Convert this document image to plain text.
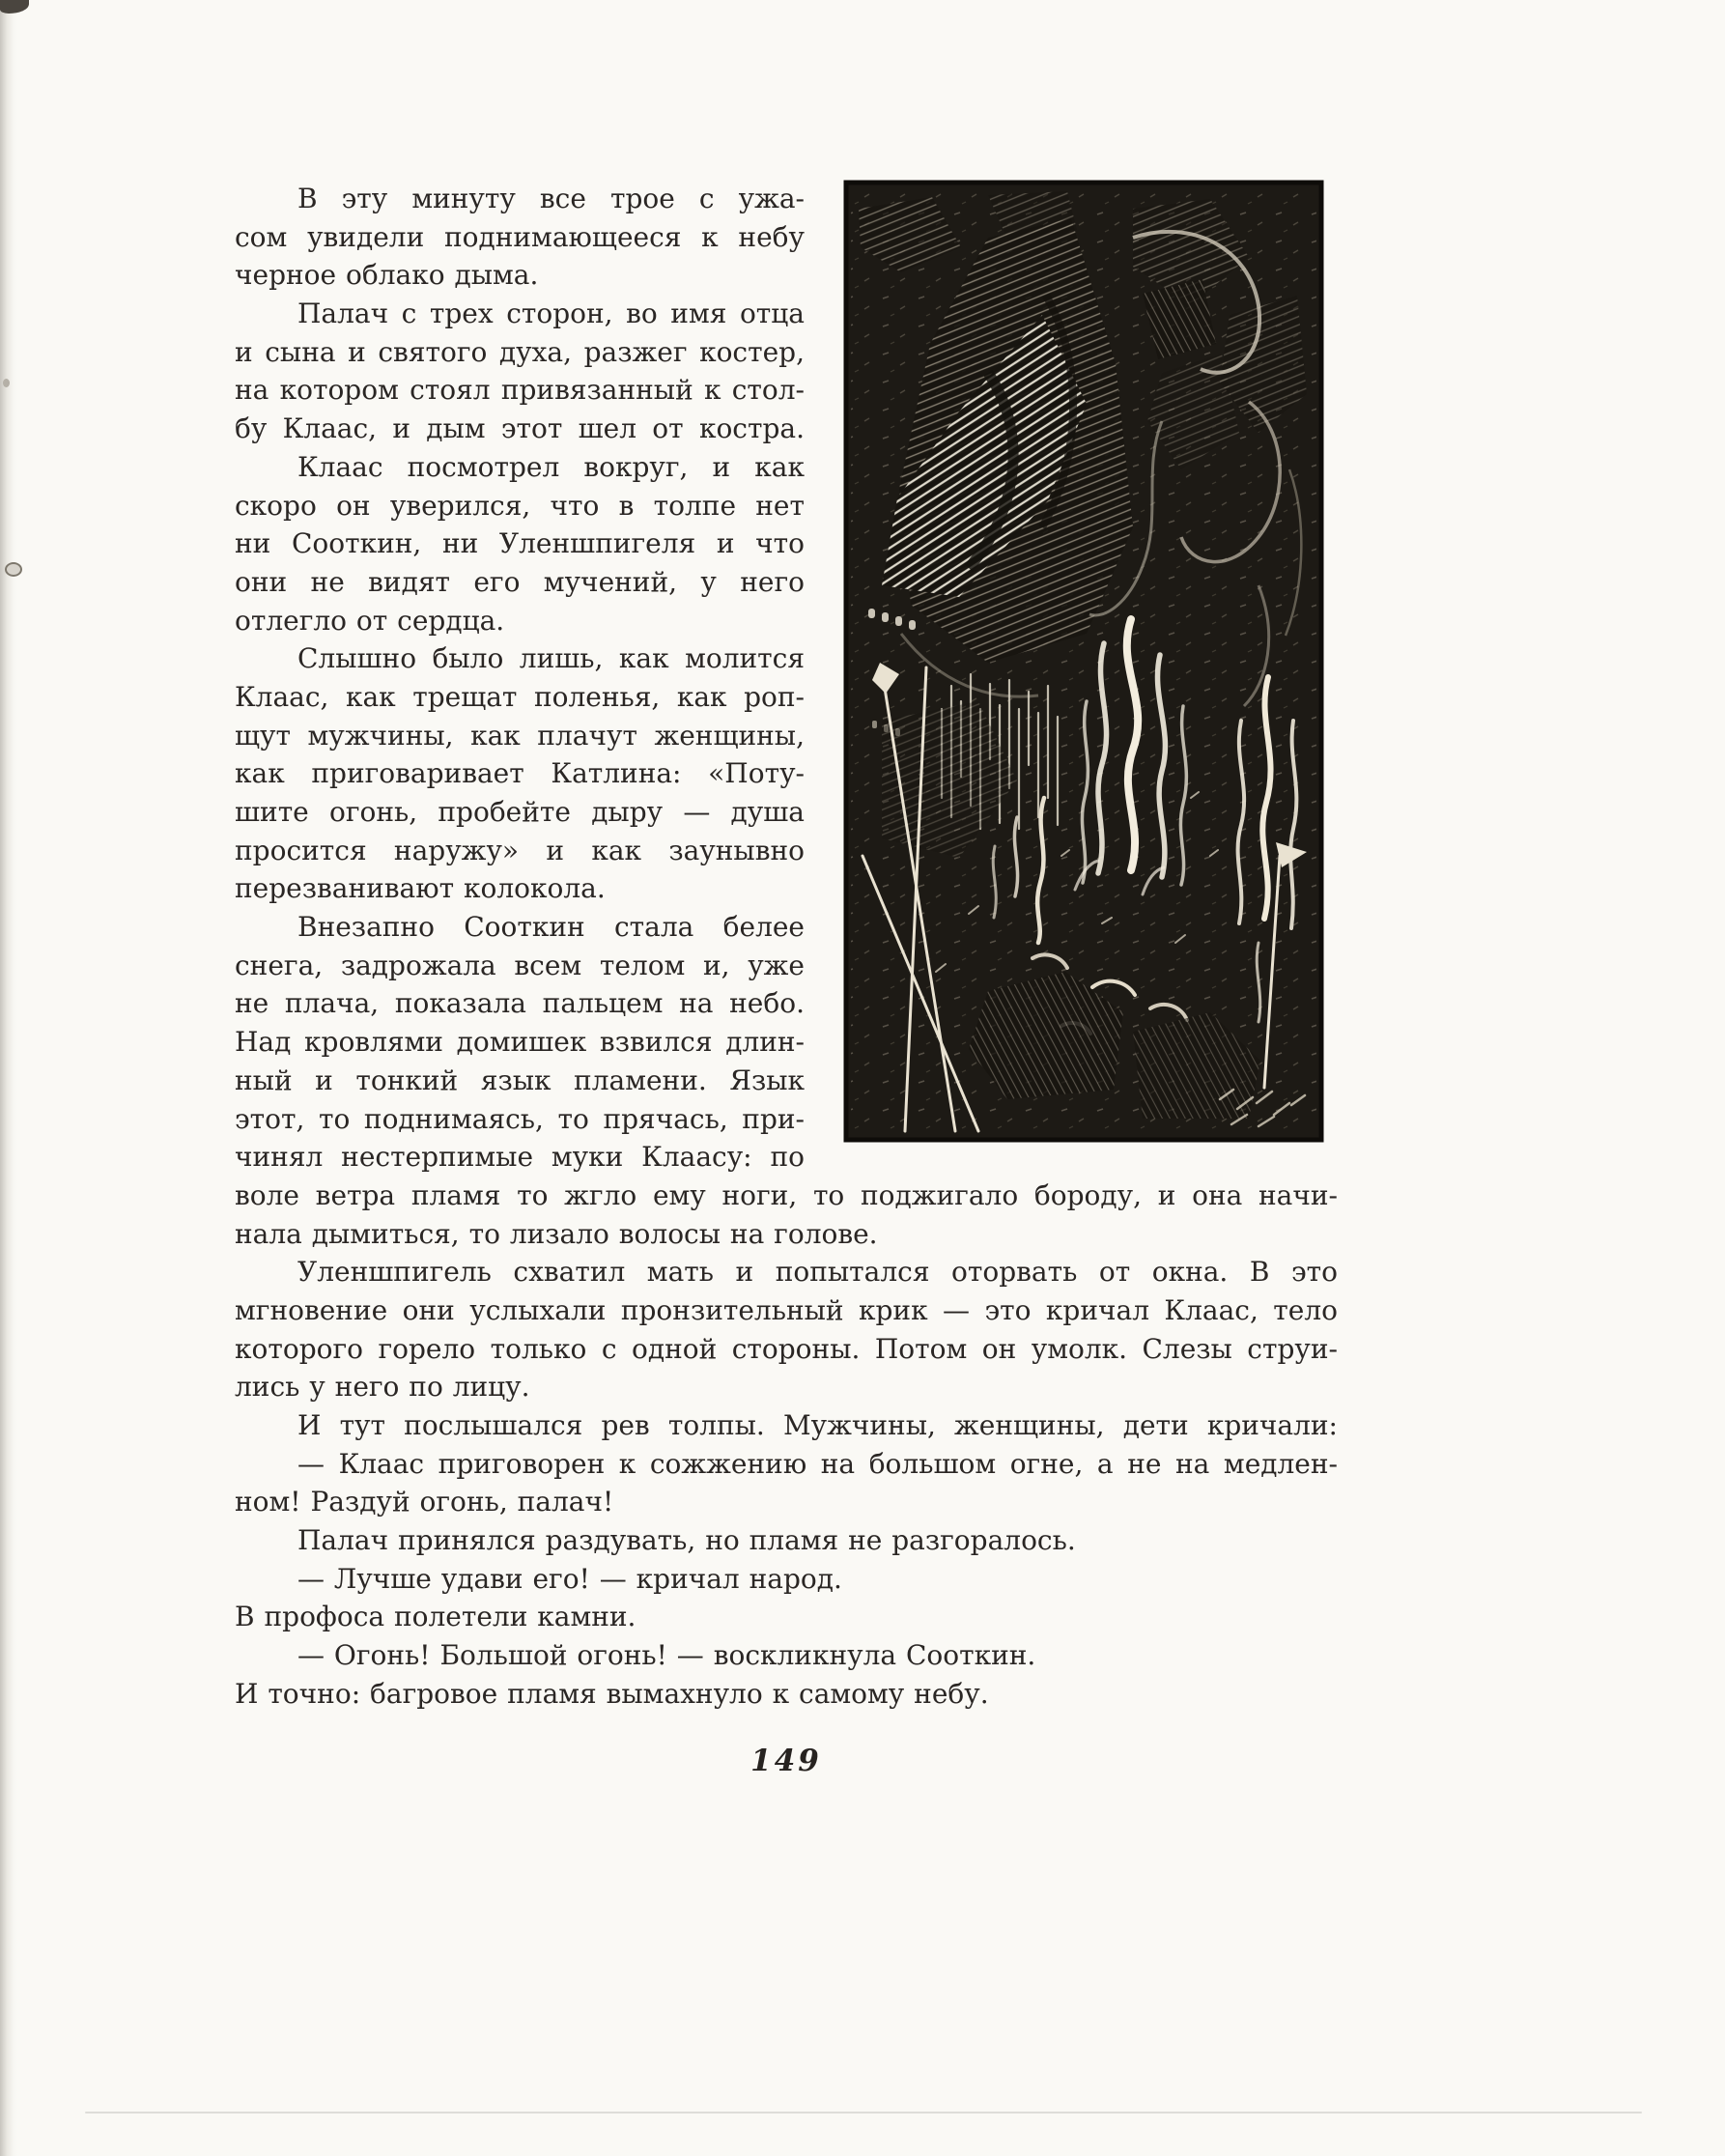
В эту минуту все трое с ужа-
сом увидели поднимающееся к небу
черное облако дыма.
Палач с трех сторон, во имя отца
и сына и святого духа, разжег костер,
на котором стоял привязанный к стол-
бу Клаас, и дым этот шел от костра.
Клаас посмотрел вокруг, и как
скоро он уверился, что в толпе нет
ни Сооткин, ни Уленшпигеля и что
они не видят его мучений, у него
отлегло от сердца.
Слышно было лишь, как молится
Клаас, как трещат поленья, как роп-
щут мужчины, как плачут женщины,
как приговаривает Катлина: «Поту-
шите огонь, пробейте дыру — душа
просится наружу» и как заунывно
перезванивают колокола.
Внезапно Сооткин стала белее
снега, задрожала всем телом и, уже
не плача, показала пальцем на небо.
Над кровлями домишек взвился длин-
ный и тонкий язык пламени. Язык
этот, то поднимаясь, то прячась, при-
чинял нестерпимые муки Клаасу: по
воле ветра пламя то жгло ему ноги, то поджигало бороду, и она начи-
нала дымиться, то лизало волосы на голове.
Уленшпигель схватил мать и попытался оторвать от окна. В это
мгновение они услыхали пронзительный крик — это кричал Клаас, тело
которого горело только с одной стороны. Потом он умолк. Слезы струи-
лись у него по лицу.
И тут послышался рев толпы. Мужчины, женщины, дети кричали:
— Клаас приговорен к сожжению на большом огне, а не на медлен-
ном! Раздуй огонь, палач!
Палач принялся раздувать, но пламя не разгоралось.
— Лучше удави его! — кричал народ.
В профоса полетели камни.
— Огонь! Большой огонь! — воскликнула Сооткин.
И точно: багровое пламя вымахнуло к самому небу.
149
